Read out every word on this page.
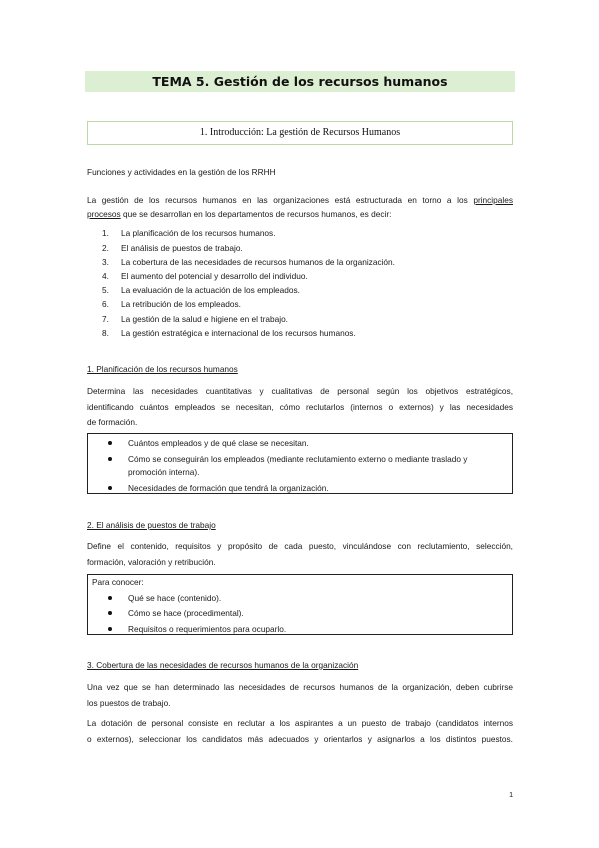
TEMA 5. Gestión de los recursos humanos
1. Introducción: La gestión de Recursos Humanos
Funciones y actividades en la gestión de los RRHH
La gestión de los recursos humanos en las organizaciones está estructurada en torno a los principales
procesos que se desarrollan en los departamentos de recursos humanos, es decir:
1. La planificación de los recursos humanos.
2. El análisis de puestos de trabajo.
3. La cobertura de las necesidades de recursos humanos de la organización.
4. El aumento del potencial y desarrollo del individuo.
5. La evaluación de la actuación de los empleados.
6. La retribución de los empleados.
7. La gestión de la salud e higiene en el trabajo.
8. La gestión estratégica e internacional de los recursos humanos.
1. Planificación de los recursos humanos
Determina las necesidades cuantitativas y cualitativas de personal según los objetivos estratégicos,
identificando cuántos empleados se necesitan, cómo reclutarlos (internos o externos) y las necesidades
de formación.
Cuántos empleados y de qué clase se necesitan.
Cómo se conseguirán los empleados (mediante reclutamiento externo o mediante traslado y
promoción interna).
Necesidades de formación que tendrá la organización.
2. El análisis de puestos de trabajo
Define el contenido, requisitos y propósito de cada puesto, vinculándose con reclutamiento, selección,
formación, valoración y retribución.
Para conocer:
Qué se hace (contenido).
Cómo se hace (procedimental).
Requisitos o requerimientos para ocuparlo.
3. Cobertura de las necesidades de recursos humanos de la organización
Una vez que se han determinado las necesidades de recursos humanos de la organización, deben cubrirse
los puestos de trabajo.
La dotación de personal consiste en reclutar a los aspirantes a un puesto de trabajo (candidatos internos
o externos), seleccionar los candidatos más adecuados y orientarlos y asignarlos a los distintos puestos.
1
